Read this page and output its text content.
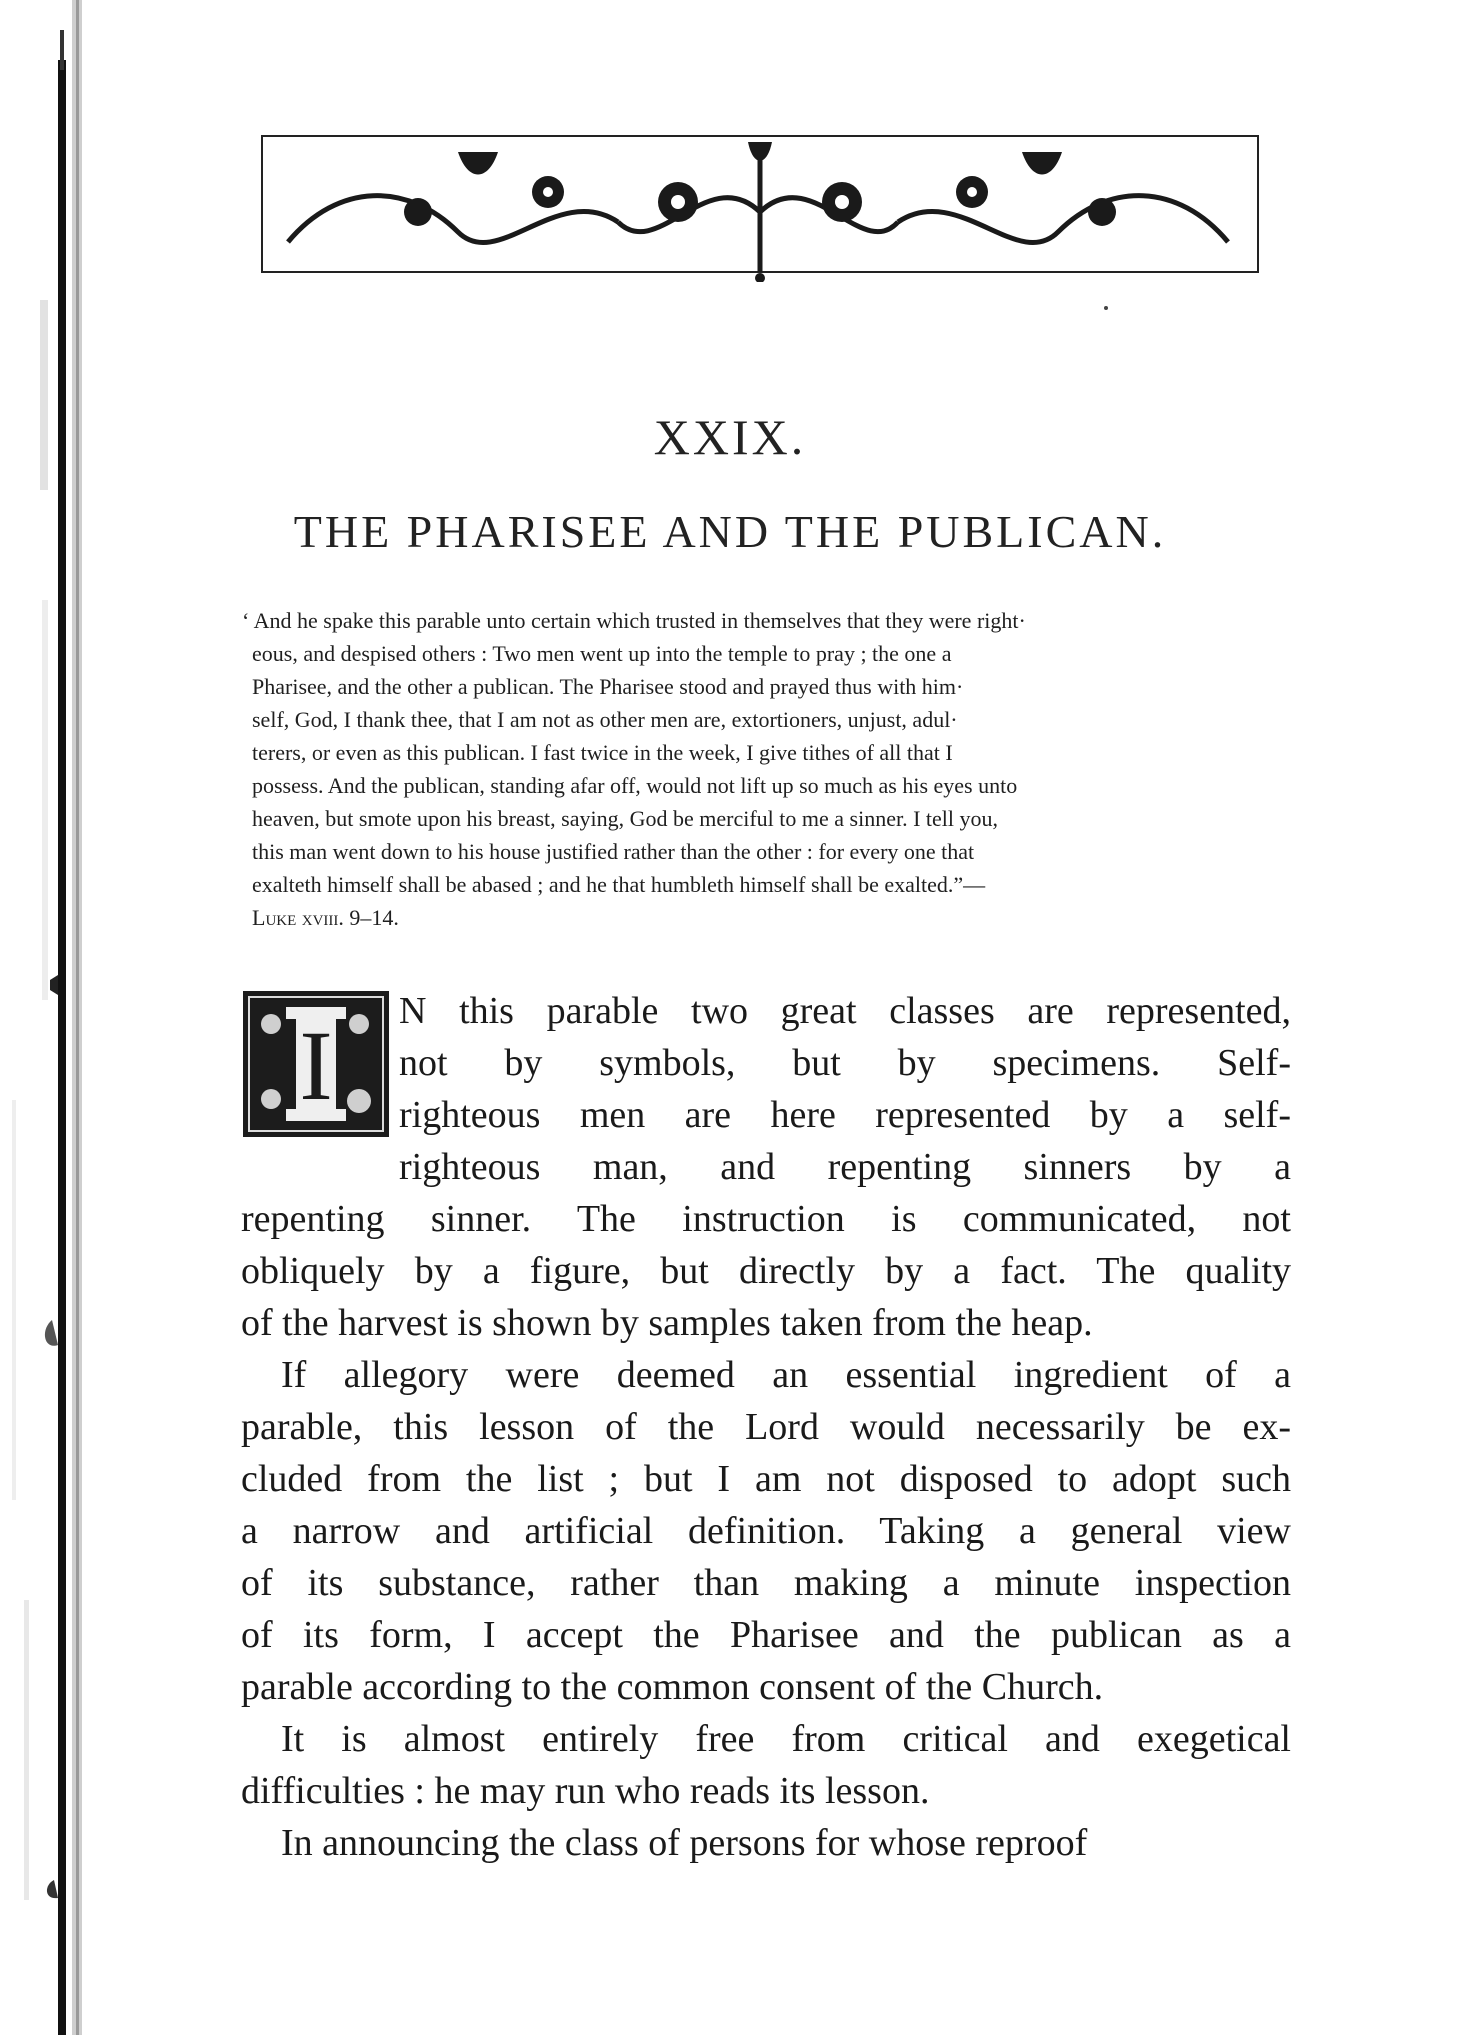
XXIX.
THE PHARISEE AND THE PUBLICAN.
‘ And he spake this parable unto certain which trusted in themselves that they were right·
eous, and despised others : Two men went up into the temple to pray ; the one a
Pharisee, and the other a publican. The Pharisee stood and prayed thus with him·
self, God, I thank thee, that I am not as other men are, extortioners, unjust, adul·
terers, or even as this publican. I fast twice in the week, I give tithes of all that I
possess. And the publican, standing afar off, would not lift up so much as his eyes unto
heaven, but smote upon his breast, saying, God be merciful to me a sinner. I tell you,
this man went down to his house justified rather than the other : for every one that
exalteth himself shall be abased ; and he that humbleth himself shall be exalted.”—
Luke xviii. 9–14.
I	N this parable two great classes are represented,
not by symbols, but by specimens. Self-
righteous men are here represented by a self-
righteous man, and repenting sinners by a
repenting sinner. The instruction is communicated, not
obliquely by a figure, but directly by a fact. The quality
of the harvest is shown by samples taken from the heap.
If allegory were deemed an essential ingredient of a
parable, this lesson of the Lord would necessarily be ex-
cluded from the list ; but I am not disposed to adopt such
a narrow and artificial definition. Taking a general view
of its substance, rather than making a minute inspection
of its form, I accept the Pharisee and the publican as a
parable according to the common consent of the Church.
It is almost entirely free from critical and exegetical
difficulties : he may run who reads its lesson.
In announcing the class of persons for whose reproof
